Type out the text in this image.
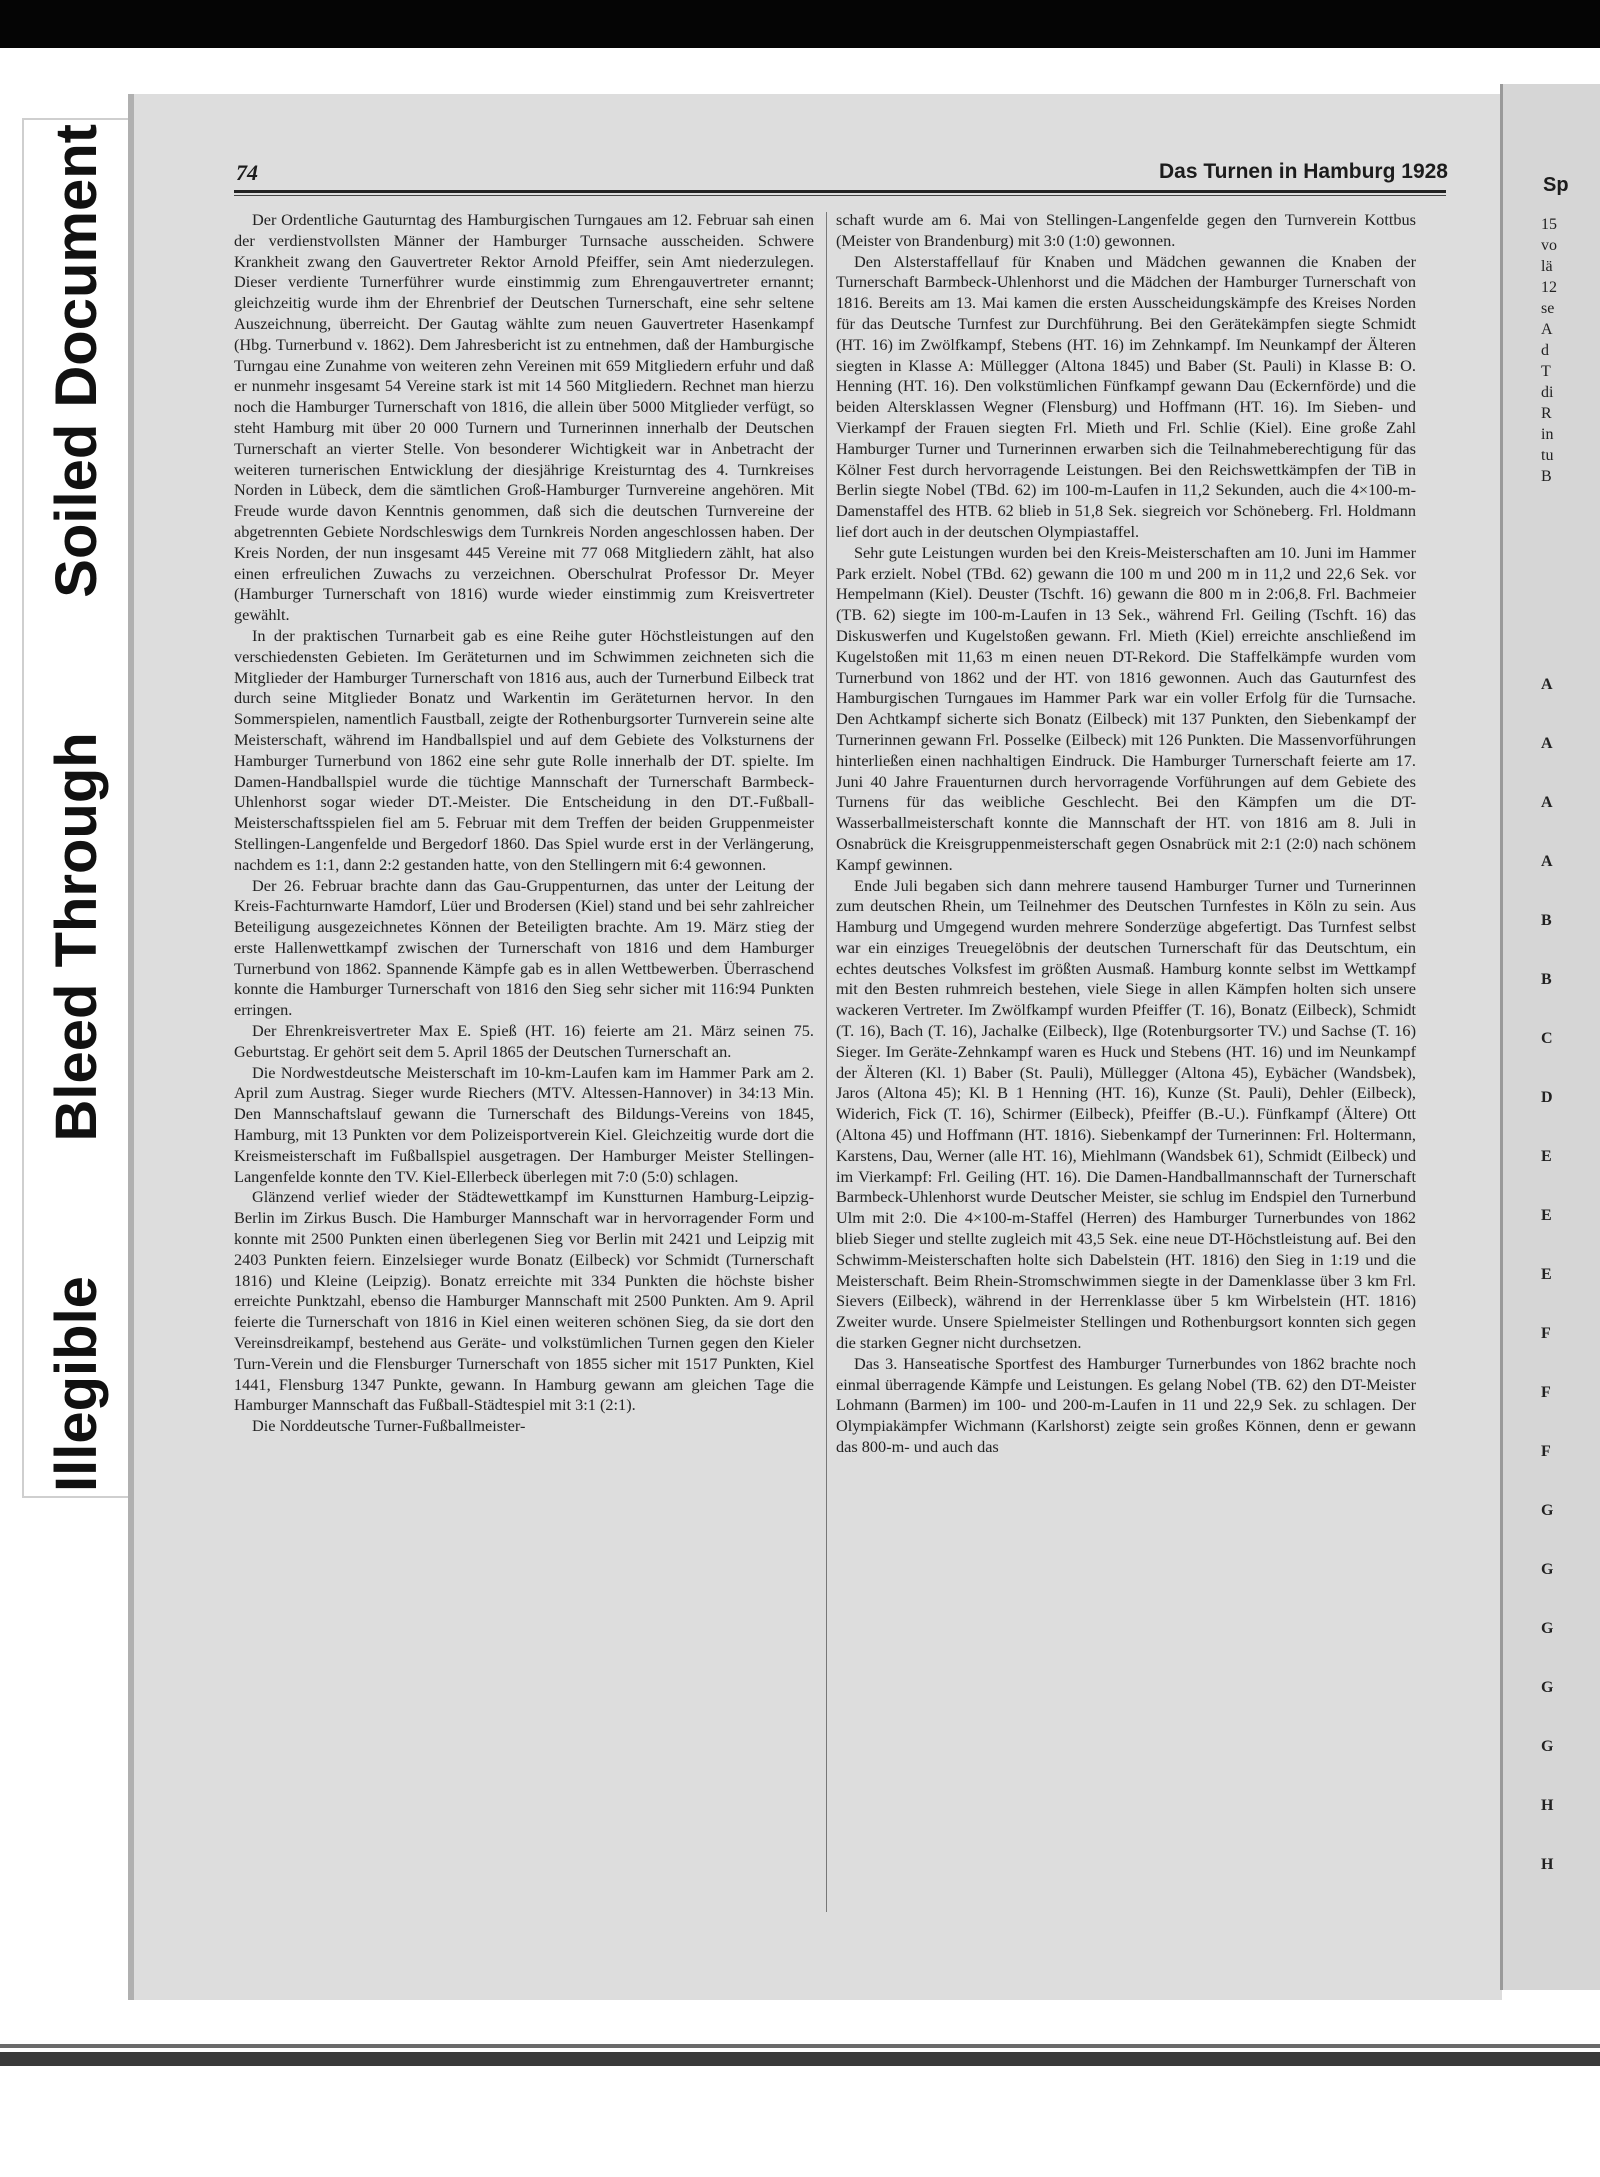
Illegible
Bleed Through
Soiled Document	74	Das Turnen in Hamburg 1928

Der Ordentliche Gauturntag des Hamburgischen Turngaues am 12. Februar sah einen der verdienstvollsten Männer der Hamburger Turnsache ausscheiden. Schwere Krankheit zwang den Gauvertreter Rektor Arnold Pfeiffer, sein Amt niederzulegen. Dieser verdiente Turnerführer wurde einstimmig zum Ehrengauvertreter ernannt; gleichzeitig wurde ihm der Ehrenbrief der Deutschen Turnerschaft, eine sehr seltene Auszeichnung, überreicht. Der Gautag wählte zum neuen Gauvertreter Hasenkampf (Hbg. Turnerbund v. 1862). Dem Jahresbericht ist zu entnehmen, daß der Hamburgische Turngau eine Zunahme von weiteren zehn Vereinen mit 659 Mitgliedern erfuhr und daß er nunmehr insgesamt 54 Vereine stark ist mit 14 560 Mitgliedern. Rechnet man hierzu noch die Hamburger Turnerschaft von 1816, die allein über 5000 Mitglieder verfügt, so steht Hamburg mit über 20 000 Turnern und Turnerinnen innerhalb der Deutschen Turnerschaft an vierter Stelle. Von besonderer Wichtigkeit war in Anbetracht der weiteren turnerischen Entwicklung der diesjährige Kreisturntag des 4. Turnkreises Norden in Lübeck, dem die sämtlichen Groß-Hamburger Turnvereine angehören. Mit Freude wurde davon Kenntnis genommen, daß sich die deutschen Turnvereine der abgetrennten Gebiete Nordschleswigs dem Turnkreis Norden angeschlossen haben. Der Kreis Norden, der nun insgesamt 445 Vereine mit 77 068 Mitgliedern zählt, hat also einen erfreulichen Zuwachs zu verzeichnen. Oberschulrat Professor Dr. Meyer (Hamburger Turnerschaft von 1816) wurde wieder einstimmig zum Kreisvertreter gewählt.

In der praktischen Turnarbeit gab es eine Reihe guter Höchstleistungen auf den verschiedensten Gebieten. Im Geräteturnen und im Schwimmen zeichneten sich die Mitglieder der Hamburger Turnerschaft von 1816 aus, auch der Turnerbund Eilbeck trat durch seine Mitglieder Bonatz und Warkentin im Geräteturnen hervor. In den Sommerspielen, namentlich Faustball, zeigte der Rothenburgsorter Turnverein seine alte Meisterschaft, während im Handballspiel und auf dem Gebiete des Volksturnens der Hamburger Turnerbund von 1862 eine sehr gute Rolle innerhalb der DT. spielte. Im Damen-Handballspiel wurde die tüchtige Mannschaft der Turnerschaft Barmbeck-Uhlenhorst sogar wieder DT.-Meister. Die Entscheidung in den DT.-Fußball-Meisterschaftsspielen fiel am 5. Februar mit dem Treffen der beiden Gruppenmeister Stellingen-Langenfelde und Bergedorf 1860. Das Spiel wurde erst in der Verlängerung, nachdem es 1:1, dann 2:2 gestanden hatte, von den Stellingern mit 6:4 gewonnen.

Der 26. Februar brachte dann das Gau-Gruppenturnen, das unter der Leitung der Kreis-Fachturnwarte Hamdorf, Lüer und Brodersen (Kiel) stand und bei sehr zahlreicher Beteiligung ausgezeichnetes Können der Beteiligten brachte. Am 19. März stieg der erste Hallenwettkampf zwischen der Turnerschaft von 1816 und dem Hamburger Turnerbund von 1862. Spannende Kämpfe gab es in allen Wettbewerben. Überraschend konnte die Hamburger Turnerschaft von 1816 den Sieg sehr sicher mit 116:94 Punkten erringen.

Der Ehrenkreisvertreter Max E. Spieß (HT. 16) feierte am 21. März seinen 75. Geburtstag. Er gehört seit dem 5. April 1865 der Deutschen Turnerschaft an.

Die Nordwestdeutsche Meisterschaft im 10-km-Laufen kam im Hammer Park am 2. April zum Austrag. Sieger wurde Riechers (MTV. Altessen-Hannover) in 34:13 Min. Den Mannschaftslauf gewann die Turnerschaft des Bildungs-Vereins von 1845, Hamburg, mit 13 Punkten vor dem Polizeisportverein Kiel. Gleichzeitig wurde dort die Kreismeisterschaft im Fußballspiel ausgetragen. Der Hamburger Meister Stellingen-Langenfelde konnte den TV. Kiel-Ellerbeck überlegen mit 7:0 (5:0) schlagen.

Glänzend verlief wieder der Städtewettkampf im Kunstturnen Hamburg-Leipzig-Berlin im Zirkus Busch. Die Hamburger Mannschaft war in hervorragender Form und konnte mit 2500 Punkten einen überlegenen Sieg vor Berlin mit 2421 und Leipzig mit 2403 Punkten feiern. Einzelsieger wurde Bonatz (Eilbeck) vor Schmidt (Turnerschaft 1816) und Kleine (Leipzig). Bonatz erreichte mit 334 Punkten die höchste bisher erreichte Punktzahl, ebenso die Hamburger Mannschaft mit 2500 Punkten. Am 9. April feierte die Turnerschaft von 1816 in Kiel einen weiteren schönen Sieg, da sie dort den Vereinsdreikampf, bestehend aus Geräte- und volkstümlichen Turnen gegen den Kieler Turn-Verein und die Flensburger Turnerschaft von 1855 sicher mit 1517 Punkten, Kiel 1441, Flensburg 1347 Punkte, gewann. In Hamburg gewann am gleichen Tage die Hamburger Mannschaft das Fußball-Städtespiel mit 3:1 (2:1).

Die Norddeutsche Turner-Fußballmeister-

schaft wurde am 6. Mai von Stellingen-Langenfelde gegen den Turnverein Kottbus (Meister von Brandenburg) mit 3:0 (1:0) gewonnen.

Den Alsterstaffellauf für Knaben und Mädchen gewannen die Knaben der Turnerschaft Barmbeck-Uhlenhorst und die Mädchen der Hamburger Turnerschaft von 1816. Bereits am 13. Mai kamen die ersten Ausscheidungskämpfe des Kreises Norden für das Deutsche Turnfest zur Durchführung. Bei den Gerätekämpfen siegte Schmidt (HT. 16) im Zwölfkampf, Stebens (HT. 16) im Zehnkampf. Im Neunkampf der Älteren siegten in Klasse A: Müllegger (Altona 1845) und Baber (St. Pauli) in Klasse B: O. Henning (HT. 16). Den volkstümlichen Fünfkampf gewann Dau (Eckernförde) und die beiden Altersklassen Wegner (Flensburg) und Hoffmann (HT. 16). Im Sieben- und Vierkampf der Frauen siegten Frl. Mieth und Frl. Schlie (Kiel). Eine große Zahl Hamburger Turner und Turnerinnen erwarben sich die Teilnahmeberechtigung für das Kölner Fest durch hervorragende Leistungen. Bei den Reichswettkämpfen der TiB in Berlin siegte Nobel (TBd. 62) im 100-m-Laufen in 11,2 Sekunden, auch die 4×100-m-Damenstaffel des HTB. 62 blieb in 51,8 Sek. siegreich vor Schöneberg. Frl. Holdmann lief dort auch in der deutschen Olympiastaffel.

Sehr gute Leistungen wurden bei den Kreis-Meisterschaften am 10. Juni im Hammer Park erzielt. Nobel (TBd. 62) gewann die 100 m und 200 m in 11,2 und 22,6 Sek. vor Hempelmann (Kiel). Deuster (Tschft. 16) gewann die 800 m in 2:06,8. Frl. Bachmeier (TB. 62) siegte im 100-m-Laufen in 13 Sek., während Frl. Geiling (Tschft. 16) das Diskuswerfen und Kugelstoßen gewann. Frl. Mieth (Kiel) erreichte anschließend im Kugelstoßen mit 11,63 m einen neuen DT-Rekord. Die Staffelkämpfe wurden vom Turnerbund von 1862 und der HT. von 1816 gewonnen. Auch das Gauturnfest des Hamburgischen Turngaues im Hammer Park war ein voller Erfolg für die Turnsache. Den Achtkampf sicherte sich Bonatz (Eilbeck) mit 137 Punkten, den Siebenkampf der Turnerinnen gewann Frl. Posselke (Eilbeck) mit 126 Punkten. Die Massenvorführungen hinterließen einen nachhaltigen Eindruck. Die Hamburger Turnerschaft feierte am 17. Juni 40 Jahre Frauenturnen durch hervorragende Vorführungen auf dem Gebiete des Turnens für das weibliche Geschlecht. Bei den Kämpfen um die DT-Wasserballmeisterschaft konnte die Mannschaft der HT. von 1816 am 8. Juli in Osnabrück die Kreisgruppenmeisterschaft gegen Osnabrück mit 2:1 (2:0) nach schönem Kampf gewinnen.

Ende Juli begaben sich dann mehrere tausend Hamburger Turner und Turnerinnen zum deutschen Rhein, um Teilnehmer des Deutschen Turnfestes in Köln zu sein. Aus Hamburg und Umgegend wurden mehrere Sonderzüge abgefertigt. Das Turnfest selbst war ein einziges Treuegelöbnis der deutschen Turnerschaft für das Deutschtum, ein echtes deutsches Volksfest im größten Ausmaß. Hamburg konnte selbst im Wettkampf mit den Besten ruhmreich bestehen, viele Siege in allen Kämpfen holten sich unsere wackeren Vertreter. Im Zwölfkampf wurden Pfeiffer (T. 16), Bonatz (Eilbeck), Schmidt (T. 16), Bach (T. 16), Jachalke (Eilbeck), Ilge (Rotenburgsorter TV.) und Sachse (T. 16) Sieger. Im Geräte-Zehnkampf waren es Huck und Stebens (HT. 16) und im Neunkampf der Älteren (Kl. 1) Baber (St. Pauli), Müllegger (Altona 45), Eybächer (Wandsbek), Jaros (Altona 45); Kl. B 1 Henning (HT. 16), Kunze (St. Pauli), Dehler (Eilbeck), Widerich, Fick (T. 16), Schirmer (Eilbeck), Pfeiffer (B.-U.). Fünfkampf (Ältere) Ott (Altona 45) und Hoffmann (HT. 1816). Siebenkampf der Turnerinnen: Frl. Holtermann, Karstens, Dau, Werner (alle HT. 16), Miehlmann (Wandsbek 61), Schmidt (Eilbeck) und im Vierkampf: Frl. Geiling (HT. 16). Die Damen-Handballmannschaft der Turnerschaft Barmbeck-Uhlenhorst wurde Deutscher Meister, sie schlug im Endspiel den Turnerbund Ulm mit 2:0. Die 4×100-m-Staffel (Herren) des Hamburger Turnerbundes von 1862 blieb Sieger und stellte zugleich mit 43,5 Sek. eine neue DT-Höchstleistung auf. Bei den Schwimm-Meisterschaften holte sich Dabelstein (HT. 1816) den Sieg in 1:19 und die Meisterschaft. Beim Rhein-Stromschwimmen siegte in der Damenklasse über 3 km Frl. Sievers (Eilbeck), während in der Herrenklasse über 5 km Wirbelstein (HT. 1816) Zweiter wurde. Unsere Spielmeister Stellingen und Rothenburgsort konnten sich gegen die starken Gegner nicht durchsetzen.

Das 3. Hanseatische Sportfest des Hamburger Turnerbundes von 1862 brachte noch einmal überragende Kämpfe und Leistungen. Es gelang Nobel (TB. 62) den DT-Meister Lohmann (Barmen) im 100- und 200-m-Laufen in 11 und 22,9 Sek. zu schlagen. Der Olympiakämpfer Wichmann (Karlshorst) zeigte sein großes Können, denn er gewann das 800-m- und auch das

Sp
15
vo
lä
12
se
A
d
T
di
R
in
tu
B
A
A
A
A
B
B
C
D
E
E
E
F
F
F
G
G
G
G
G
H
H
